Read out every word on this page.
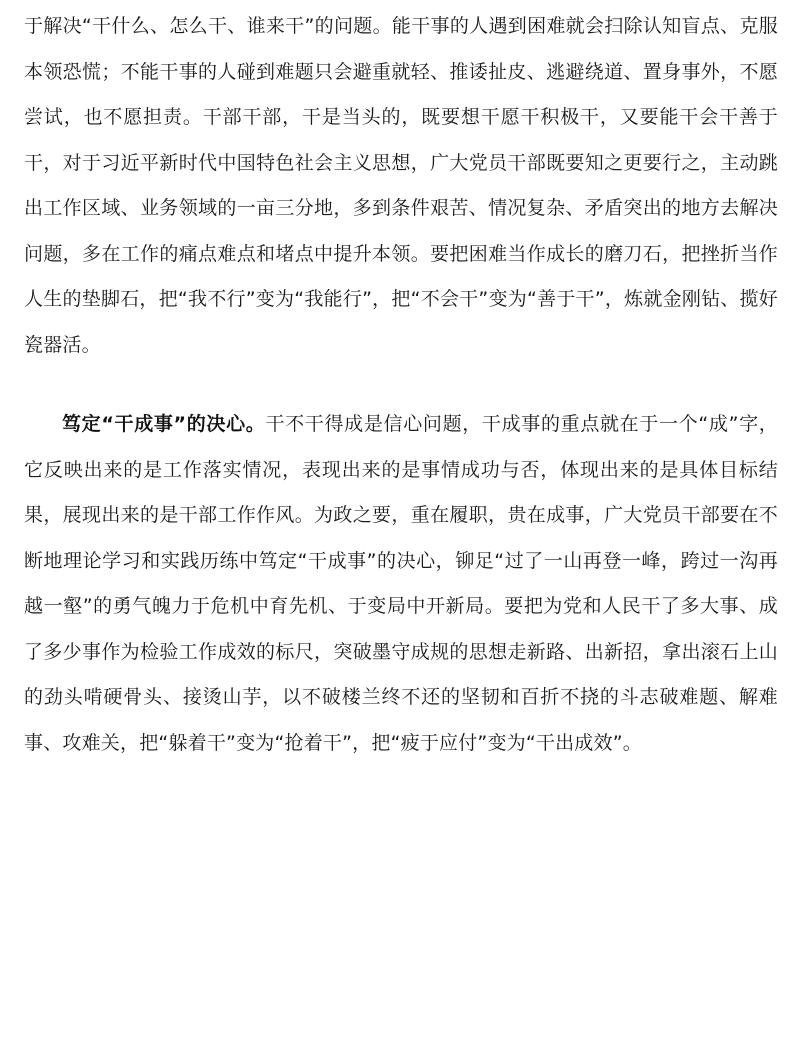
于解决“干什么、怎么干、谁来干”的问题。能干事的人遇到困难就会扫除认知盲点、克服本领恐慌；不能干事的人碰到难题只会避重就轻、推诿扯皮、逃避绕道、置身事外，不愿尝试，也不愿担责。干部干部，干是当头的，既要想干愿干积极干，又要能干会干善于干，对于习近平新时代中国特色社会主义思想，广大党员干部既要知之更要行之，主动跳出工作区域、业务领域的一亩三分地，多到条件艰苦、情况复杂、矛盾突出的地方去解决问题，多在工作的痛点难点和堵点中提升本领。要把困难当作成长的磨刀石，把挫折当作人生的垫脚石，把“我不行”变为“我能行”，把“不会干”变为“善于干”，炼就金刚钻、揽好瓷器活。

笃定“干成事”的决心。干不干得成是信心问题，干成事的重点就在于一个“成”字，它反映出来的是工作落实情况，表现出来的是事情成功与否，体现出来的是具体目标结果，展现出来的是干部工作作风。为政之要，重在履职，贵在成事，广大党员干部要在不断地理论学习和实践历练中笃定“干成事”的决心，铆足“过了一山再登一峰，跨过一沟再越一壑”的勇气魄力于危机中育先机、于变局中开新局。要把为党和人民干了多大事、成了多少事作为检验工作成效的标尺，突破墨守成规的思想走新路、出新招，拿出滚石上山的劲头啃硬骨头、接烫山芋，以不破楼兰终不还的坚韧和百折不挠的斗志破难题、解难事、攻难关，把“躲着干”变为“抢着干”，把“疲于应付”变为“干出成效”。
